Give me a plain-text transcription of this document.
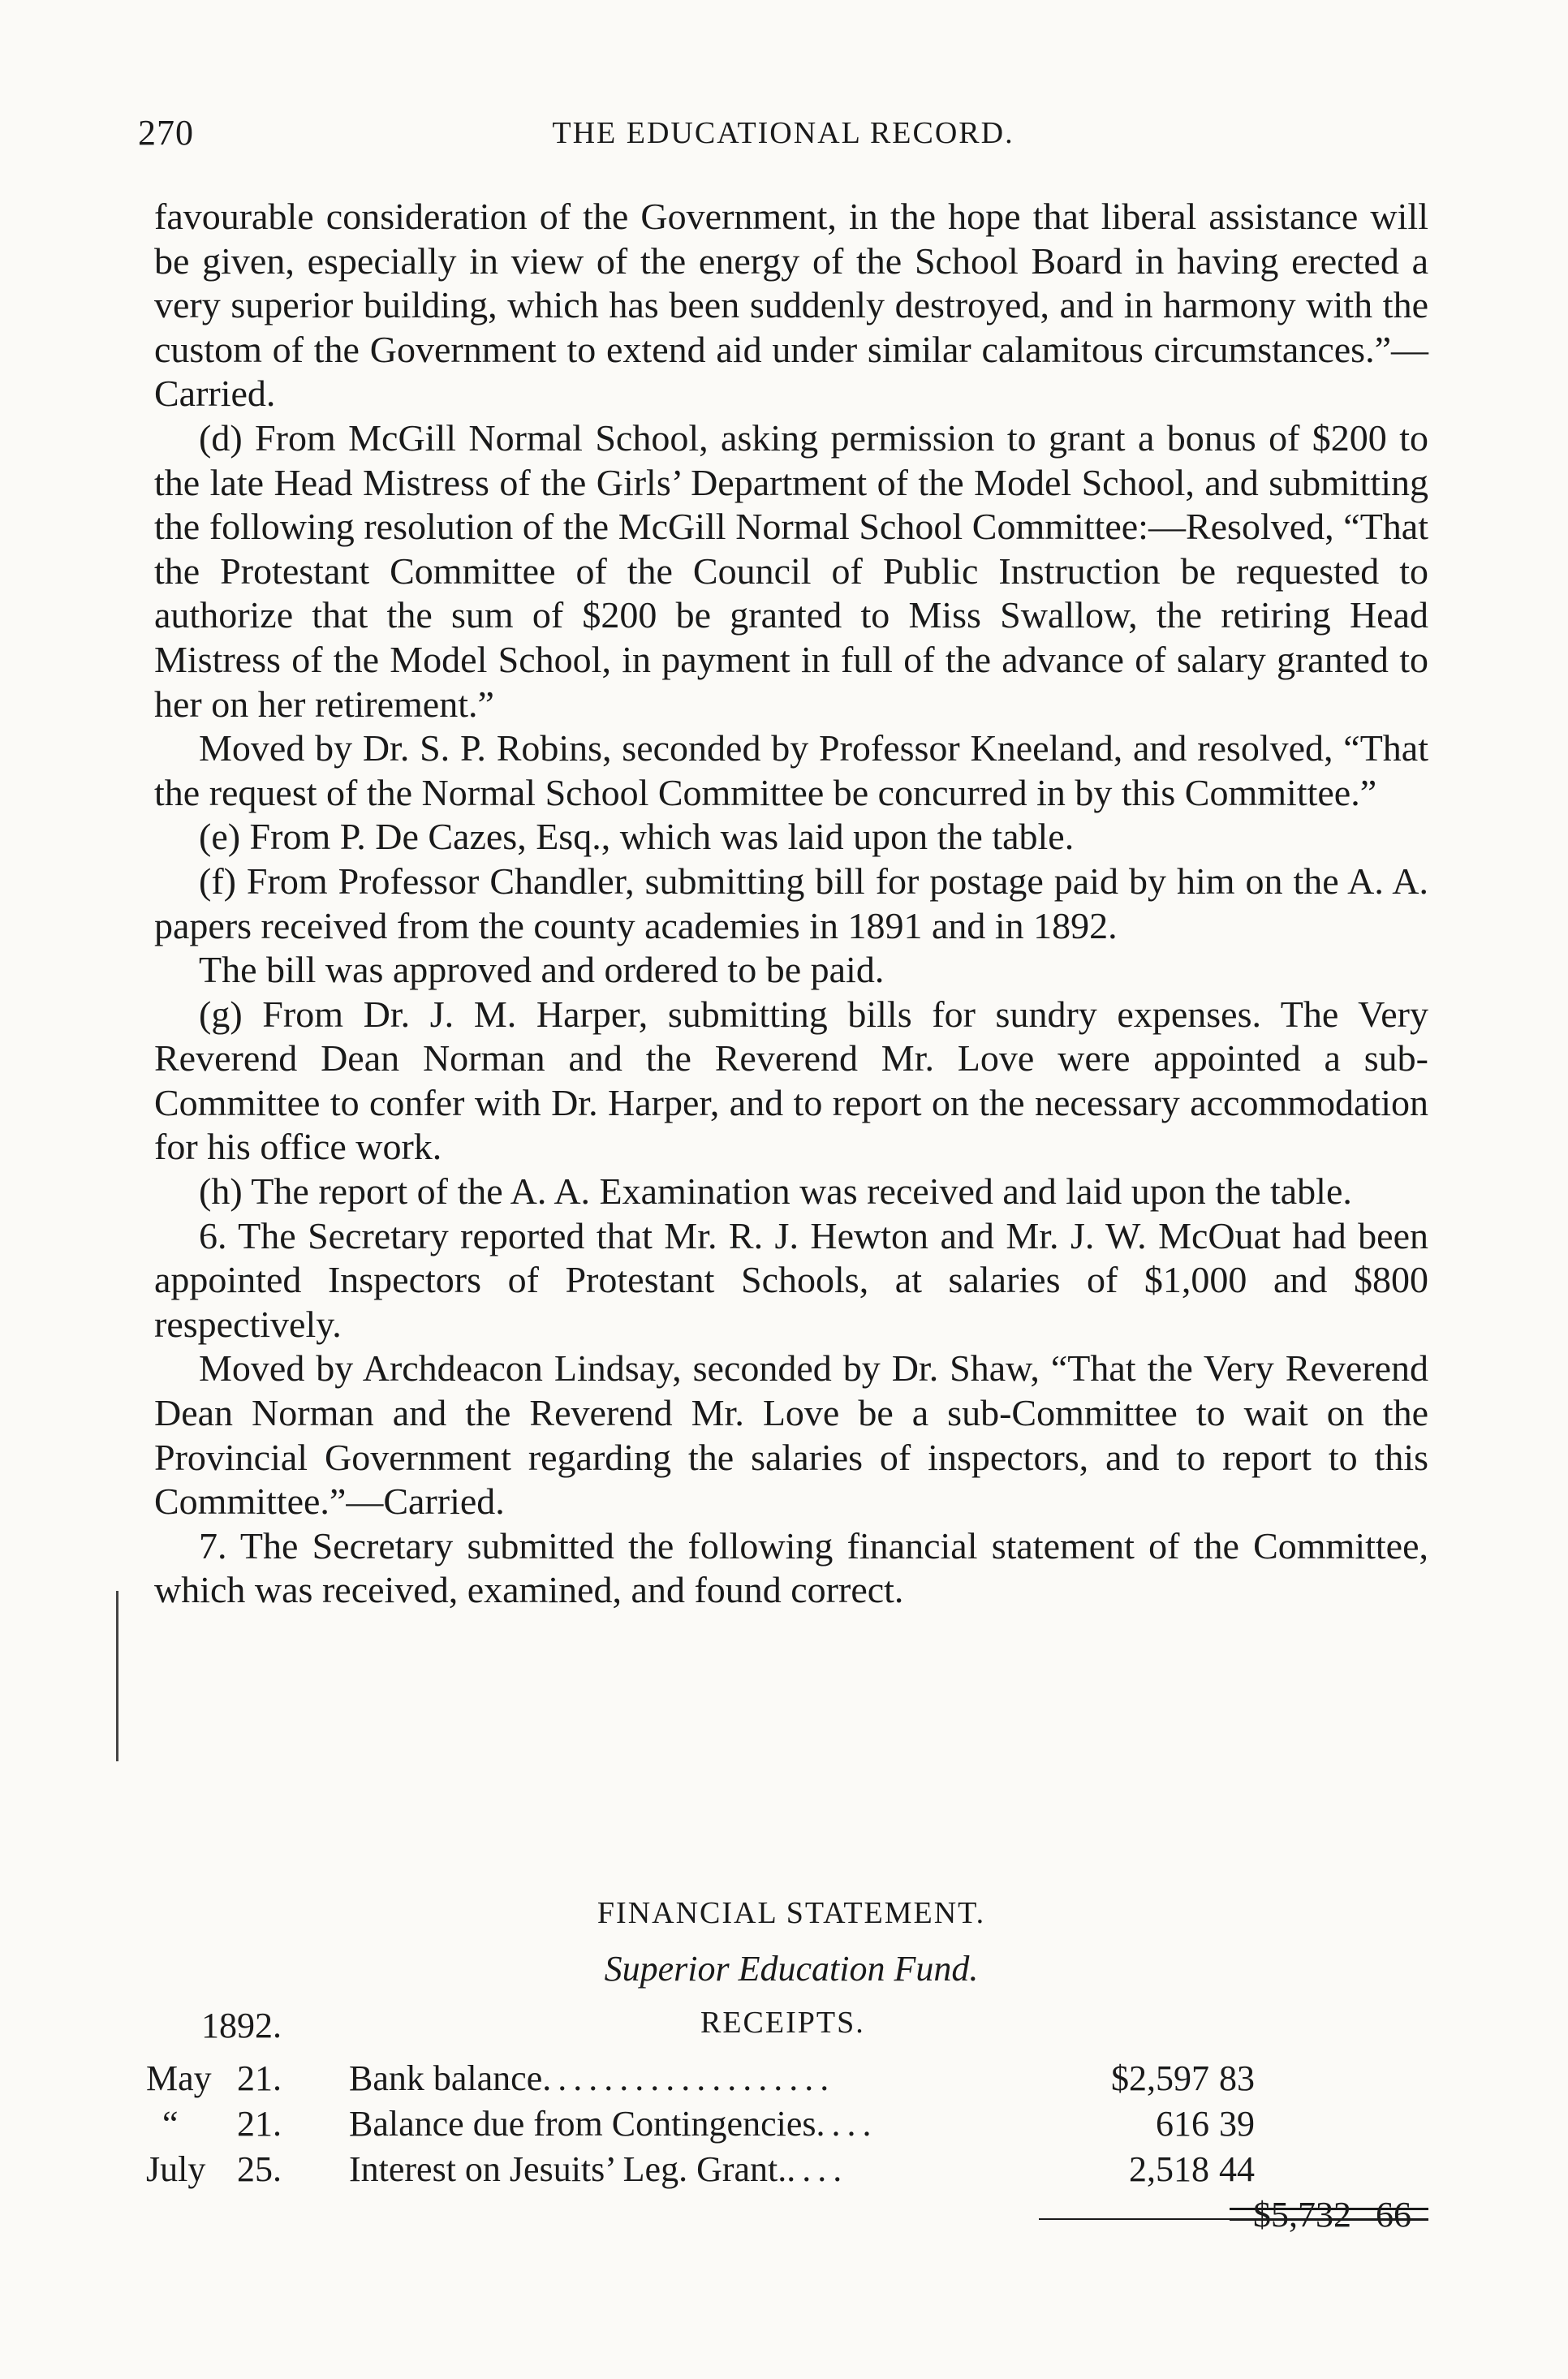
270	THE EDUCATIONAL RECORD.

favourable consideration of the Government, in the hope that liberal assistance will be given, especially in view of the energy of the School Board in having erected a very superior building, which has been suddenly destroyed, and in harmony with the custom of the Government to extend aid under similar calamitous circumstances.”—Carried.

(d) From McGill Normal School, asking permission to grant a bonus of $200 to the late Head Mistress of the Girls’ Department of the Model School, and submitting the following resolution of the McGill Normal School Committee:—Resolved, “That the Protestant Committee of the Council of Public Instruction be requested to authorize that the sum of $200 be granted to Miss Swallow, the retiring Head Mistress of the Model School, in payment in full of the advance of salary granted to her on her retirement.”

Moved by Dr. S. P. Robins, seconded by Professor Kneeland, and resolved, “That the request of the Normal School Committee be concurred in by this Committee.”

(e) From P. De Cazes, Esq., which was laid upon the table.

(f) From Professor Chandler, submitting bill for postage paid by him on the A. A. papers received from the county academies in 1891 and in 1892.

The bill was approved and ordered to be paid.

(g) From Dr. J. M. Harper, submitting bills for sundry expenses. The Very Reverend Dean Norman and the Reverend Mr. Love were appointed a sub-Committee to confer with Dr. Harper, and to report on the necessary accommodation for his office work.

(h) The report of the A. A. Examination was received and laid upon the table.

6. The Secretary reported that Mr. R. J. Hewton and Mr. J. W. McOuat had been appointed Inspectors of Protestant Schools, at salaries of $1,000 and $800 respectively.

Moved by Archdeacon Lindsay, seconded by Dr. Shaw, “That the Very Reverend Dean Norman and the Reverend Mr. Love be a sub-Committee to wait on the Provincial Government regarding the salaries of inspectors, and to report to this Committee.”—Carried.

7. The Secretary submitted the following financial statement of the Committee, which was received, examined, and found correct.

FINANCIAL STATEMENT.
Superior Education Fund.
1892.	RECEIPTS.
May 21.	Bank balance...................	$2,597 83
“	21.	Balance due from Contingencies....	616 39
July 25.	Interest on Jesuits’ Leg. Grant.....	2,518 44
$5,732 66
